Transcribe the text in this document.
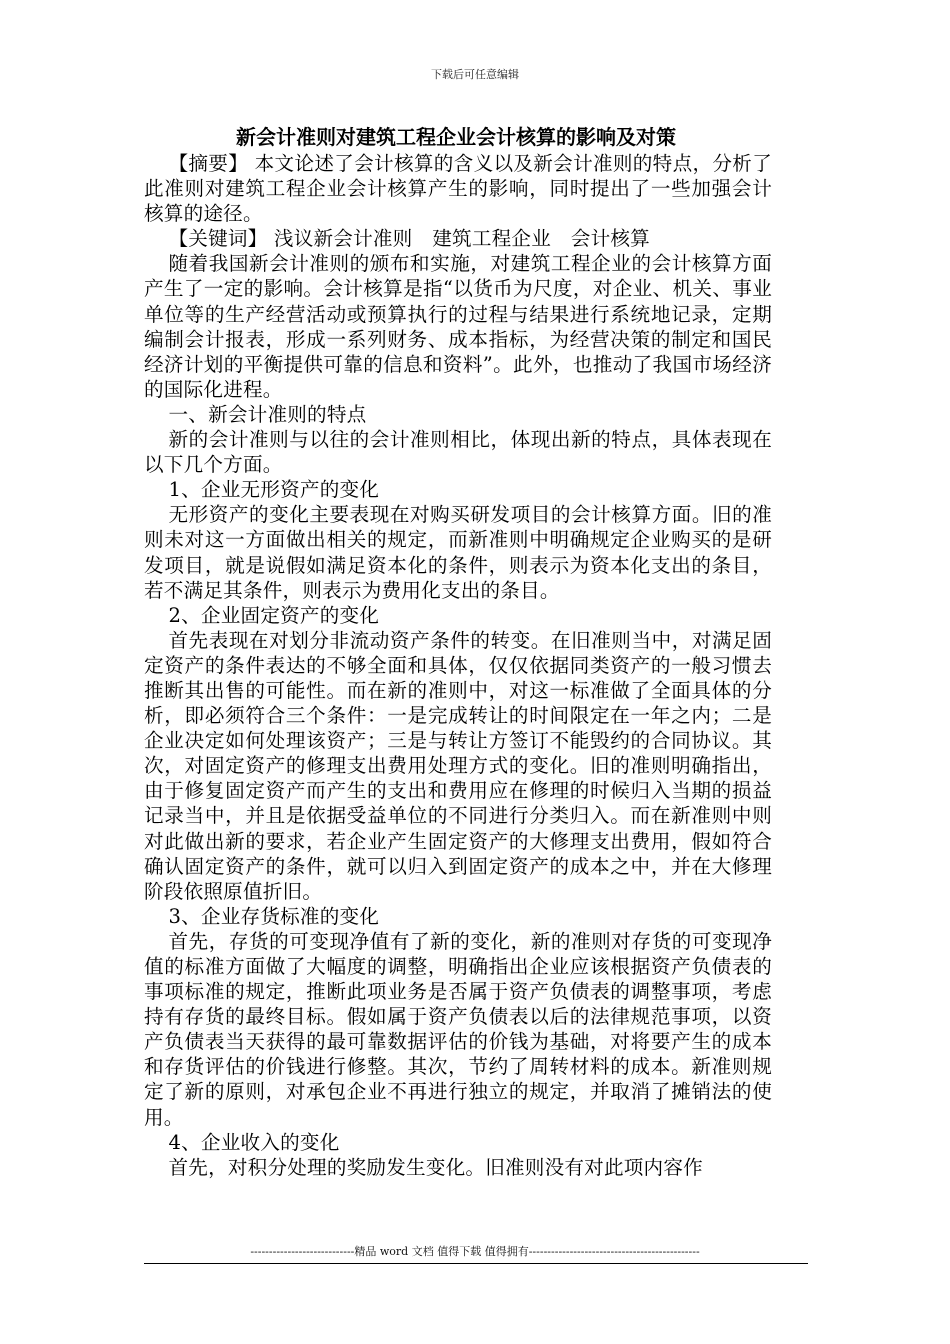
下载后可任意编辑
新会计准则对建筑工程企业会计核算的影响及对策

【摘要】 本文论述了会计核算的含义以及新会计准则的特点，分析了此准则对建筑工程企业会计核算产生的影响，同时提出了一些加强会计核算的途径。

【关键词】 浅议新会计准则　建筑工程企业　会计核算

随着我国新会计准则的颁布和实施，对建筑工程企业的会计核算方面产生了一定的影响。会计核算是指“以货币为尺度，对企业、机关、事业单位等的生产经营活动或预算执行的过程与结果进行系统地记录，定期编制会计报表，形成一系列财务、成本指标，为经营决策的制定和国民经济计划的平衡提供可靠的信息和资料”。此外，也推动了我国市场经济的国际化进程。

一、新会计准则的特点

新的会计准则与以往的会计准则相比，体现出新的特点，具体表现在以下几个方面。

1、企业无形资产的变化

无形资产的变化主要表现在对购买研发项目的会计核算方面。旧的准则未对这一方面做出相关的规定，而新准则中明确规定企业购买的是研发项目，就是说假如满足资本化的条件，则表示为资本化支出的条目，若不满足其条件，则表示为费用化支出的条目。

2、企业固定资产的变化

首先表现在对划分非流动资产条件的转变。在旧准则当中，对满足固定资产的条件表达的不够全面和具体，仅仅依据同类资产的一般习惯去推断其出售的可能性。而在新的准则中，对这一标准做了全面具体的分析，即必须符合三个条件：一是完成转让的时间限定在一年之内；二是企业决定如何处理该资产；三是与转让方签订不能毁约的合同协议。其次，对固定资产的修理支出费用处理方式的变化。旧的准则明确指出，由于修复固定资产而产生的支出和费用应在修理的时候归入当期的损益记录当中，并且是依据受益单位的不同进行分类归入。而在新准则中则对此做出新的要求，若企业产生固定资产的大修理支出费用，假如符合确认固定资产的条件，就可以归入到固定资产的成本之中，并在大修理阶段依照原值折旧。

3、企业存货标准的变化

首先，存货的可变现净值有了新的变化，新的准则对存货的可变现净值的标准方面做了大幅度的调整，明确指出企业应该根据资产负债表的事项标准的规定，推断此项业务是否属于资产负债表的调整事项，考虑持有存货的最终目标。假如属于资产负债表以后的法律规范事项，以资产负债表当天获得的最可靠数据评估的价钱为基础，对将要产生的成本和存货评估的价钱进行修整。其次，节约了周转材料的成本。新准则规定了新的原则，对承包企业不再进行独立的规定，并取消了摊销法的使用。

4、企业收入的变化

首先，对积分处理的奖励发生变化。旧准则没有对此项内容作

----------------------------精品 word 文档 值得下载 值得拥有----------------------------------------------
